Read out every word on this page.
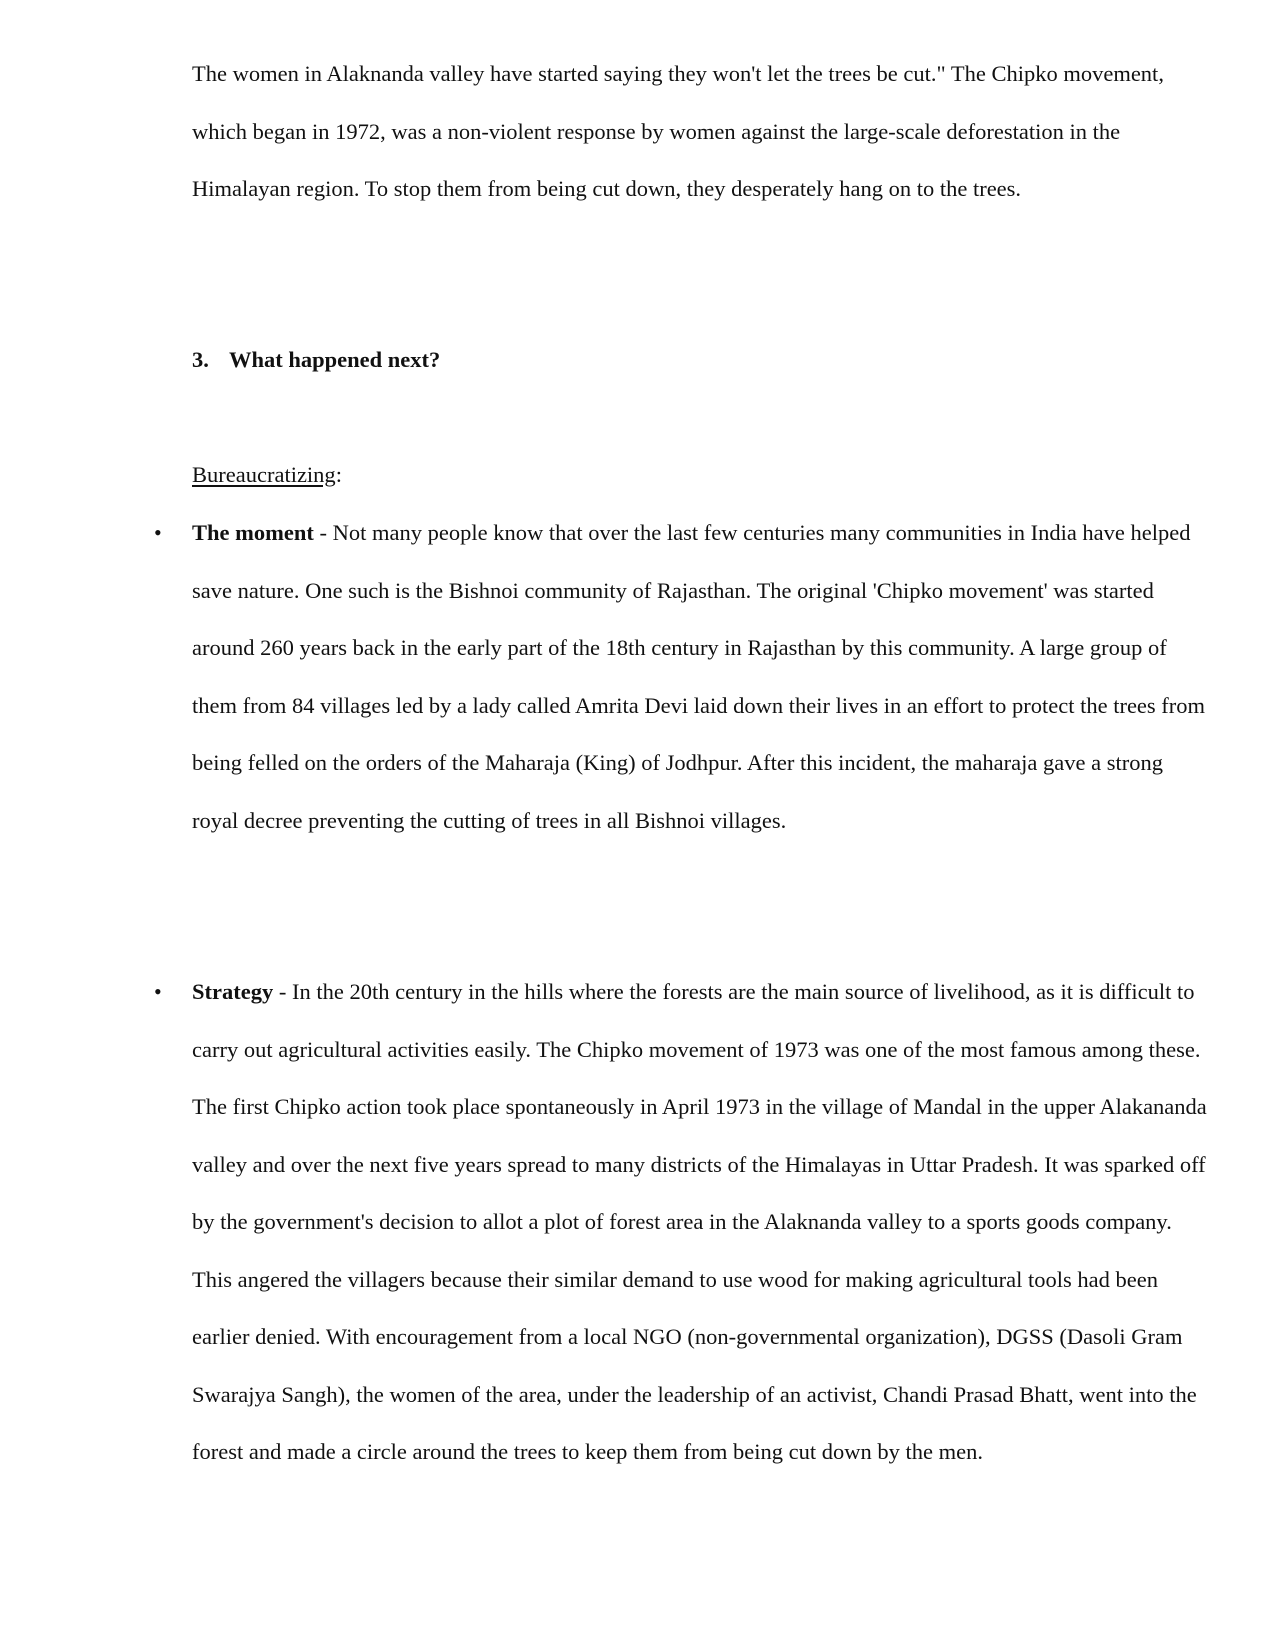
The women in Alaknanda valley have started saying they won't let the trees be cut." The Chipko movement, which began in 1972, was a non-violent response by women against the large-scale deforestation in the Himalayan region. To stop them from being cut down, they desperately hang on to the trees.

3. What happened next?
Bureaucratizing:
• The moment - Not many people know that over the last few centuries many communities in India have helped save nature. One such is the Bishnoi community of Rajasthan. The original 'Chipko movement' was started around 260 years back in the early part of the 18th century in Rajasthan by this community. A large group of them from 84 villages led by a lady called Amrita Devi laid down their lives in an effort to protect the trees from being felled on the orders of the Maharaja (King) of Jodhpur. After this incident, the maharaja gave a strong royal decree preventing the cutting of trees in all Bishnoi villages.

• Strategy - In the 20th century in the hills where the forests are the main source of livelihood, as it is difficult to carry out agricultural activities easily. The Chipko movement of 1973 was one of the most famous among these. The first Chipko action took place spontaneously in April 1973 in the village of Mandal in the upper Alakananda valley and over the next five years spread to many districts of the Himalayas in Uttar Pradesh. It was sparked off by the government's decision to allot a plot of forest area in the Alaknanda valley to a sports goods company. This angered the villagers because their similar demand to use wood for making agricultural tools had been earlier denied. With encouragement from a local NGO (non-governmental organization), DGSS (Dasoli Gram Swarajya Sangh), the women of the area, under the leadership of an activist, Chandi Prasad Bhatt, went into the forest and made a circle around the trees to keep them from being cut down by the men.
